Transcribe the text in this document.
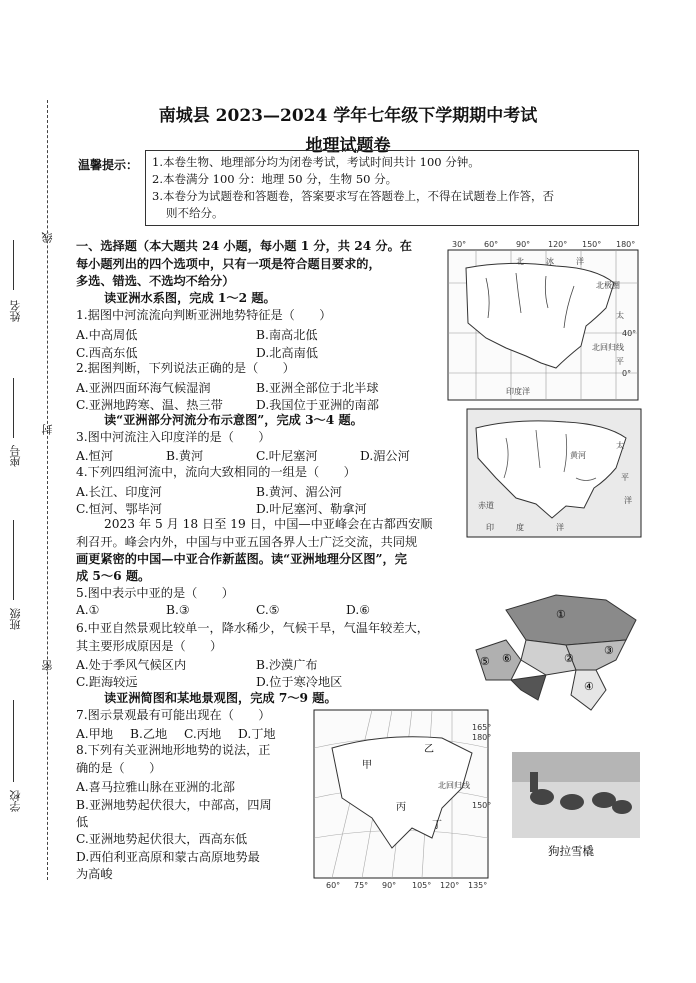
线
姓名
座号
封
班级
密
学校
南城县 2023—2024 学年七年级下学期期中考试
地理试题卷
温馨提示： 1.本卷生物、地理部分均为闭卷考试，考试时间共计 100 分钟。
2.本卷满分 100 分：地理 50 分，生物 50 分。
3.本卷分为试题卷和答题卷，答案要求写在答题卷上，不得在试题卷上作答，否
则不给分。
一、选择题（本大题共 24 小题，每小题 1 分，共 24 分。在
每小题列出的四个选项中，只有一项是符合题目要求的，
多选、错选、不选均不给分）
读亚洲水系图，完成 1～2 题。
1.据图中河流流向判断亚洲地势特征是（　　）
A.中高周低	B.南高北低
C.西高东低	D.北高南低
2.据图判断，下列说法正确的是（　　）
A.亚洲四面环海气候湿润	B.亚洲全部位于北半球
C.亚洲地跨寒、温、热三带	D.我国位于亚洲的南部
读“亚洲部分河流分布示意图”，完成 3～4 题。
3.图中河流注入印度洋的是（　　）
A.恒河	B.黄河	C.叶尼塞河	D.湄公河
4.下列四组河流中，流向大致相同的一组是（　　）
A.长江、印度河	B.黄河、湄公河
C.恒河、鄂毕河	D.叶尼塞河、勒拿河
2023 年 5 月 18 日至 19 日，中国—中亚峰会在古都西安顺
利召开。峰会内外，中国与中亚五国各界人士广泛交流，共同规
画更紧密的中国—中亚合作新蓝图。读“亚洲地理分区图”，完
成 5～6 题。
5.图中表示中亚的是（　　）
A.①	B.③	C.⑤	D.⑥
6.中亚自然景观比较单一，降水稀少，气候干旱，气温年较差大，
其主要形成原因是（　　）
A.处于季风气候区内	B.沙漠广布
C.距海较远	D.位于寒冷地区
读亚洲简图和某地景观图，完成 7～9 题。
7.图示景观最有可能出现在（　　）
A.甲地 B.乙地 C.丙地 D.丁地
8.下列有关亚洲地形地势的说法，正
确的是（　　）
A.喜马拉雅山脉在亚洲的北部
B.亚洲地势起伏很大，中部高，四周
低
C.亚洲地势起伏很大，西高东低
D.西伯利亚高原和蒙古高原地势最
为高峻
30° 60° 90° 120° 150° 180°
40°
0°
北	冰	洋
太
北回归线
平
北极圈
印度洋
太
平
洋
赤道
印	度	洋
黄河
①
②
③
④
⑤ ⑥
甲
乙
丙
丁
北回归线
165°
180°
150°
60° 75° 90° 105° 120° 135°
狗拉雪橇
